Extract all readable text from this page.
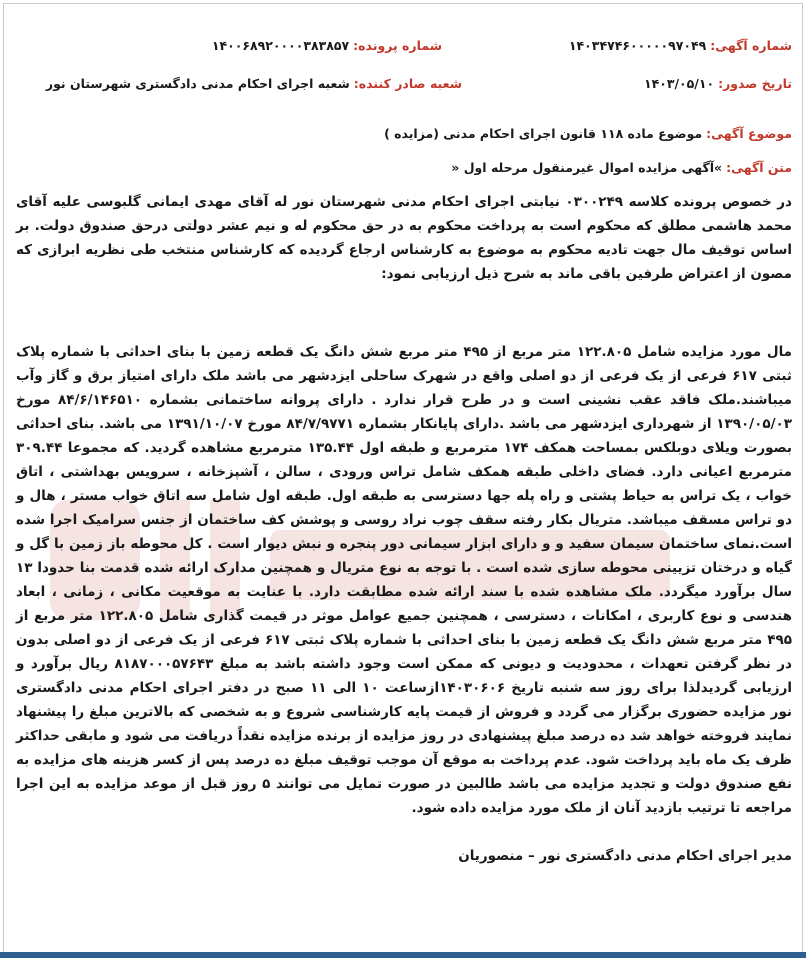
شماره آگهی: ۱۴۰۳۴۷۴۶۰۰۰۰۰۹۷۰۴۹
شماره پرونده: ۱۴۰۰۶۸۹۲۰۰۰۰۳۸۳۸۵۷
تاریخ صدور: ۱۴۰۳/۰۵/۱۰
شعبه صادر کننده: شعبه اجرای احکام مدنی دادگستری شهرستان نور
موضوع آگهی: موضوع ماده ۱۱۸ قانون اجرای احکام مدنی (مزایده )
متن آگهی: »آگهی مزایده اموال غیرمنقول مرحله اول «

در خصوص پرونده کلاسه ۰۳۰۰۲۴۹ نیابتی اجرای احکام مدنی شهرستان نور له آقای مهدی ایمانی گلبوسی علیه آقای محمد هاشمی مطلق که محکوم است به پرداخت محکوم به در حق محکوم له و نیم عشر دولتی درحق صندوق دولت. بر اساس توقیف مال جهت تادیه محکوم به موضوع به کارشناس ارجاع گردیده که کارشناس منتخب طی نظریه ابرازی که مصون از اعتراض طرفین باقی ماند به شرح ذیل ارزیابی نمود:

مال مورد مزایده شامل ۱۲۲.۸۰۵ متر مربع از ۴۹۵ متر مربع شش دانگ یک قطعه زمین با بنای احداثی با شماره پلاک ثبتی ۶۱۷ فرعی از یک فرعی از دو اصلی واقع در شهرک ساحلی ایزدشهر می باشد ملک دارای امتیاز برق و گاز وآب میباشند.ملک فاقد عقب نشینی است و در طرح قرار ندارد . دارای پروانه ساختمانی بشماره ۸۴/۶/۱۴۶۵۱۰ مورخ ۱۳۹۰/۰۵/۰۳ از شهرداری ایزدشهر می باشد .دارای پایانکار بشماره ۸۴/۷/۹۷۷۱ مورخ ۱۳۹۱/۱۰/۰۷ می باشد. بنای احداثی بصورت ویلای دوبلکس بمساحت همکف ۱۷۴ مترمربع و طبقه اول ۱۳۵.۴۴ مترمربع مشاهده گردید. که مجموعا ۳۰۹.۴۴ مترمربع اعیانی دارد. فضای داخلی طبقه همکف شامل تراس ورودی ، سالن ، آشپزخانه ، سرویس بهداشتی ، اتاق خواب ، یک تراس به حیاط پشتی و راه پله جها دسترسی به طبقه اول. طبقه اول شامل سه اتاق خواب مستر ، هال و دو تراس مسقف میباشد. متریال بکار رفته سقف چوب نراد روسی و پوشش کف ساختمان از جنس سرامیک اجرا شده است.نمای ساختمان سیمان سفید و و دارای ابزار سیمانی دور پنجره و نبش دیوار است . کل محوطه باز زمین با گل و گیاه و درختان تزیینی محوطه سازی شده است . با توجه به نوع متریال و همچنین مدارک ارائه شده قدمت بنا حدودا ۱۳ سال برآورد میگردد. ملک مشاهده شده با سند ارائه شده مطابقت دارد. با عنایت به موقعیت مکانی ، زمانی ، ابعاد هندسی و نوع کاربری ، امکانات ، دسترسی ، همچنین جمیع عوامل موثر در قیمت گذاری شامل ۱۲۲.۸۰۵ متر مربع از ۴۹۵ متر مربع شش دانگ یک قطعه زمین با بنای احداثی با شماره پلاک ثبتی ۶۱۷ فرعی از یک فرعی از دو اصلی بدون در نظر گرفتن تعهدات ، محدودیت و دیونی که ممکن است وجود داشته باشد به مبلغ ۸۱۸۷۰۰۰۵۷۶۴۳ ریال برآورد و ارزیابی گردیدلذا برای روز سه شنبه تاریخ ۱۴۰۳۰۶۰۶ازساعت ۱۰ الی ۱۱ صبح در دفتر اجرای احکام مدنی دادگستری نور مزایده حضوری برگزار می گردد و فروش از قیمت پایه کارشناسی شروع و به شخصی که بالاترین مبلغ را پیشنهاد نمایند فروخته خواهد شد ده درصد مبلغ پیشنهادی در روز مزایده از برنده مزایده نقداً دریافت می شود و مابقی حداکثر ظرف یک ماه باید پرداخت شود. عدم پرداخت به موقع آن موجب توقیف مبلغ ده درصد پس از کسر هزینه های مزایده به نفع صندوق دولت و تجدید مزایده می باشد طالبین در صورت تمایل می توانند ۵ روز قبل از موعد مزایده به این اجرا مراجعه تا ترتیب بازدید آنان از ملک مورد مزایده داده شود.

مدیر اجرای احکام مدنی دادگستری نور – منصوریان
